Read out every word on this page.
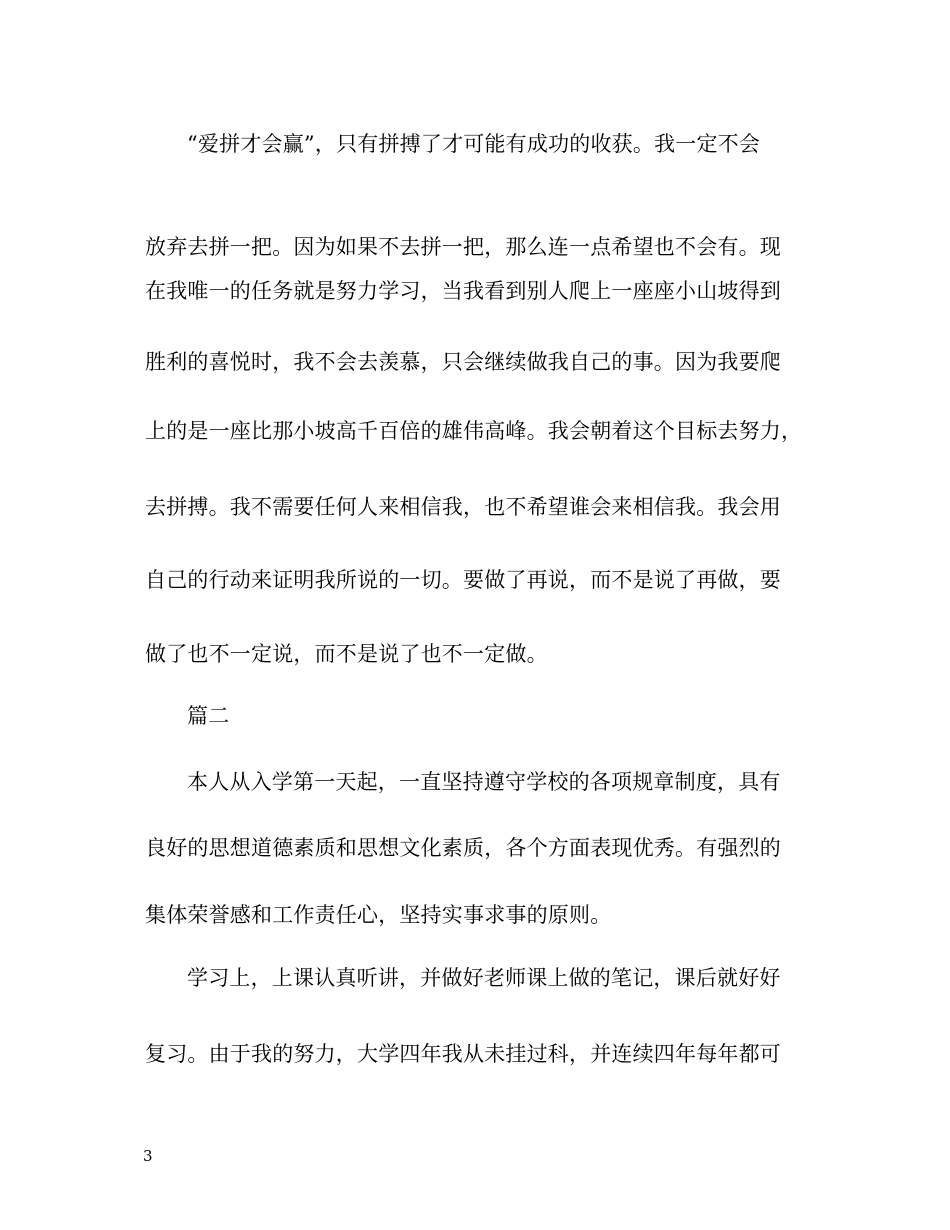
“爱拼才会赢”，只有拼搏了才可能有成功的收获。我一定不会
放弃去拼一把。因为如果不去拼一把，那么连一点希望也不会有。现
在我唯一的任务就是努力学习，当我看到别人爬上一座座小山坡得到
胜利的喜悦时，我不会去羡慕，只会继续做我自己的事。因为我要爬
上的是一座比那小坡高千百倍的雄伟高峰。我会朝着这个目标去努力，
去拼搏。我不需要任何人来相信我，也不希望谁会来相信我。我会用
自己的行动来证明我所说的一切。要做了再说，而不是说了再做，要
做了也不一定说，而不是说了也不一定做。
篇二
本人从入学第一天起，一直坚持遵守学校的各项规章制度，具有
良好的思想道德素质和思想文化素质，各个方面表现优秀。有强烈的
集体荣誉感和工作责任心，坚持实事求事的原则。
学习上，上课认真听讲，并做好老师课上做的笔记，课后就好好
复习。由于我的努力，大学四年我从未挂过科，并连续四年每年都可
3
